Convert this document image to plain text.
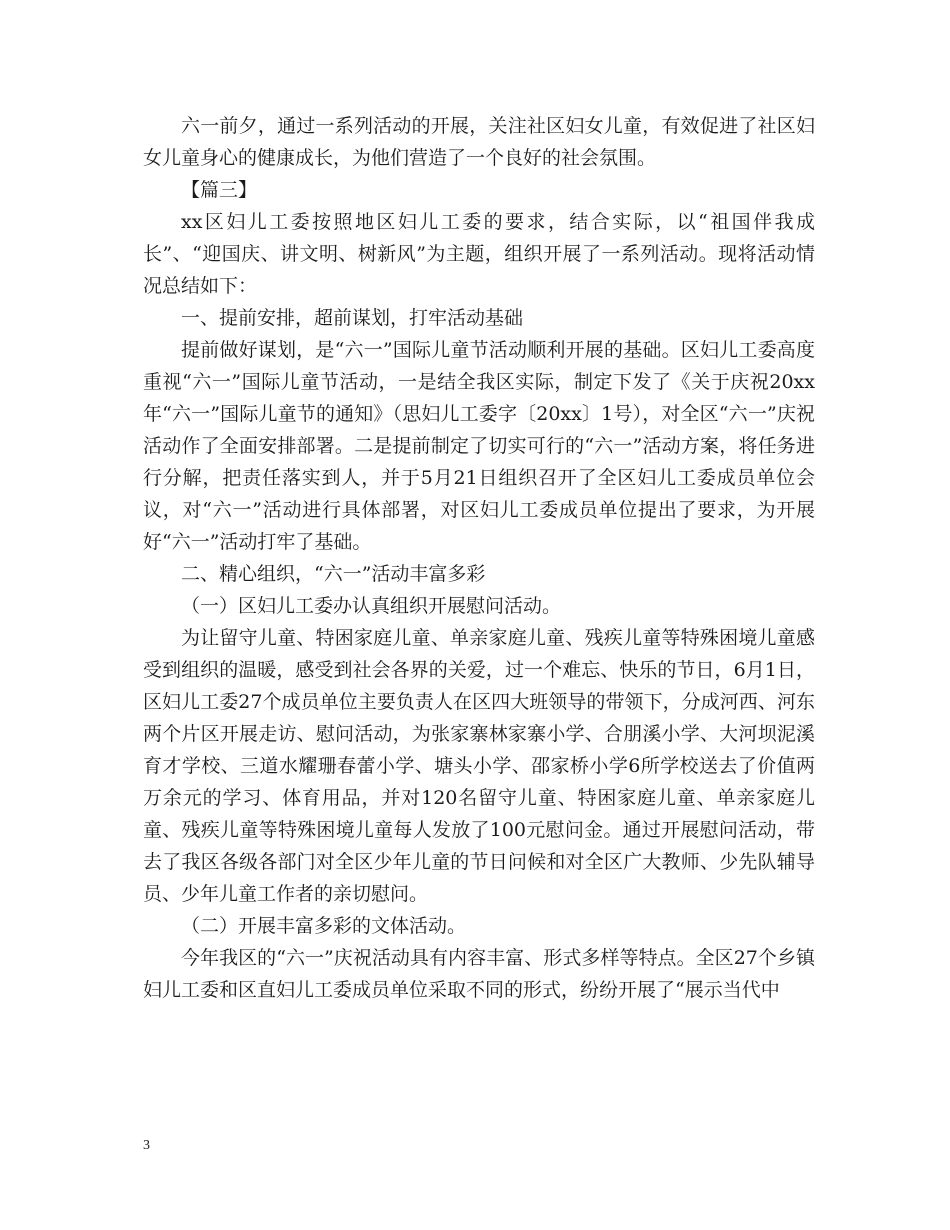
六一前夕，通过一系列活动的开展，关注社区妇女儿童，有效促进了社区妇女儿童身心的健康成长，为他们营造了一个良好的社会氛围。

【篇三】

xx区妇儿工委按照地区妇儿工委的要求，结合实际，以“祖国伴我成长”、“迎国庆、讲文明、树新风”为主题，组织开展了一系列活动。现将活动情况总结如下：

一、提前安排，超前谋划，打牢活动基础

提前做好谋划，是“六一”国际儿童节活动顺利开展的基础。区妇儿工委高度重视“六一”国际儿童节活动，一是结全我区实际，制定下发了《关于庆祝20xx年“六一”国际儿童节的通知》（思妇儿工委字〔20xx〕1号），对全区“六一”庆祝活动作了全面安排部署。二是提前制定了切实可行的“六一”活动方案，将任务进行分解，把责任落实到人，并于5月21日组织召开了全区妇儿工委成员单位会议，对“六一”活动进行具体部署，对区妇儿工委成员单位提出了要求，为开展好“六一”活动打牢了基础。

二、精心组织，“六一”活动丰富多彩

（一）区妇儿工委办认真组织开展慰问活动。

为让留守儿童、特困家庭儿童、单亲家庭儿童、残疾儿童等特殊困境儿童感受到组织的温暖，感受到社会各界的关爱，过一个难忘、快乐的节日，6月1日，区妇儿工委27个成员单位主要负责人在区四大班领导的带领下，分成河西、河东两个片区开展走访、慰问活动，为张家寨林家寨小学、合朋溪小学、大河坝泥溪育才学校、三道水耀珊春蕾小学、塘头小学、邵家桥小学6所学校送去了价值两万余元的学习、体育用品，并对120名留守儿童、特困家庭儿童、单亲家庭儿童、残疾儿童等特殊困境儿童每人发放了100元慰问金。通过开展慰问活动，带去了我区各级各部门对全区少年儿童的节日问候和对全区广大教师、少先队辅导员、少年儿童工作者的亲切慰问。

（二）开展丰富多彩的文体活动。

今年我区的“六一”庆祝活动具有内容丰富、形式多样等特点。全区27个乡镇妇儿工委和区直妇儿工委成员单位采取不同的形式，纷纷开展了“展示当代中

3
